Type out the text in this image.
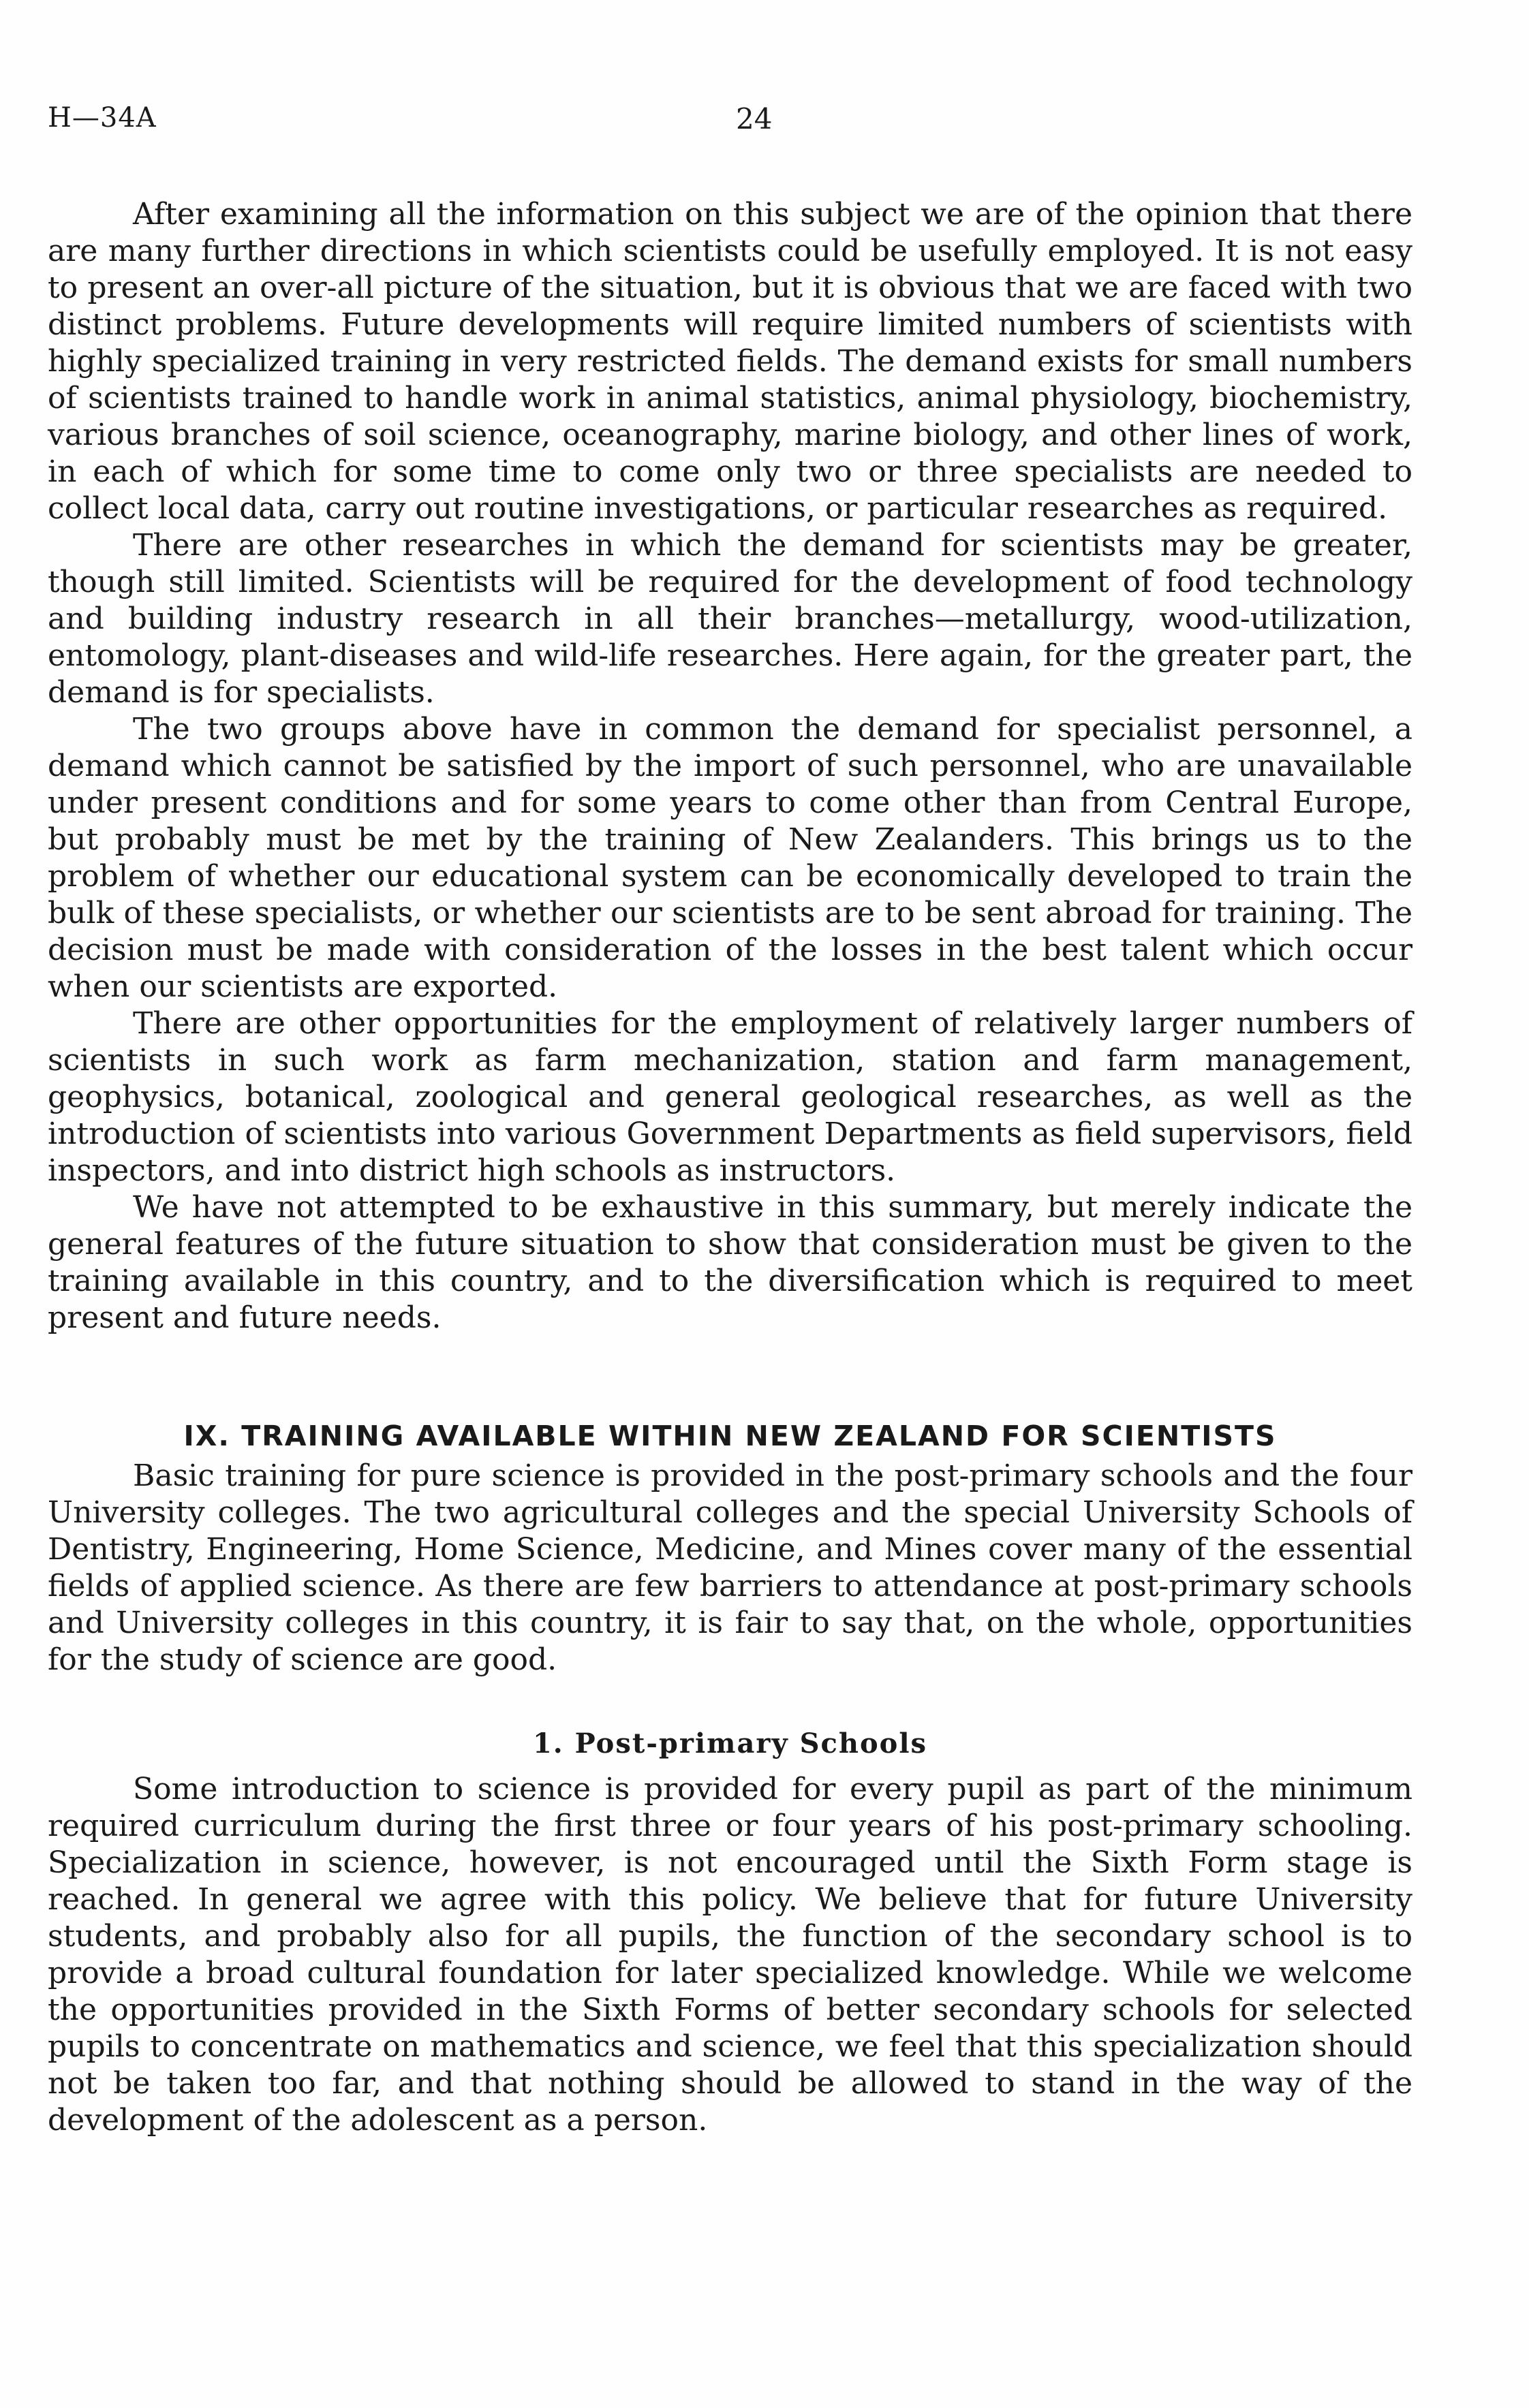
H—34A	24

After examining all the information on this subject we are of the opinion that there are many further directions in which scientists could be usefully employed. It is not easy to present an over-all picture of the situation, but it is obvious that we are faced with two distinct problems. Future developments will require limited numbers of scientists with highly specialized training in very restricted fields. The demand exists for small numbers of scientists trained to handle work in animal statistics, animal physiology, biochemistry, various branches of soil science, oceanography, marine biology, and other lines of work, in each of which for some time to come only two or three specialists are needed to collect local data, carry out routine investigations, or particular researches as required.

There are other researches in which the demand for scientists may be greater, though still limited. Scientists will be required for the development of food technology and building industry research in all their branches—metallurgy, wood-utilization, entomology, plant-diseases and wild-life researches. Here again, for the greater part, the demand is for specialists.

The two groups above have in common the demand for specialist personnel, a demand which cannot be satisfied by the import of such personnel, who are unavailable under present conditions and for some years to come other than from Central Europe, but probably must be met by the training of New Zealanders. This brings us to the problem of whether our educational system can be economically developed to train the bulk of these specialists, or whether our scientists are to be sent abroad for training. The decision must be made with consideration of the losses in the best talent which occur when our scientists are exported.

There are other opportunities for the employment of relatively larger numbers of scientists in such work as farm mechanization, station and farm management, geophysics, botanical, zoological and general geological researches, as well as the introduction of scientists into various Government Departments as field supervisors, field inspectors, and into district high schools as instructors.

We have not attempted to be exhaustive in this summary, but merely indicate the general features of the future situation to show that consideration must be given to the training available in this country, and to the diversification which is required to meet present and future needs.

IX. TRAINING AVAILABLE WITHIN NEW ZEALAND FOR SCIENTISTS

Basic training for pure science is provided in the post-primary schools and the four University colleges. The two agricultural colleges and the special University Schools of Dentistry, Engineering, Home Science, Medicine, and Mines cover many of the essential fields of applied science. As there are few barriers to attendance at post-primary schools and University colleges in this country, it is fair to say that, on the whole, opportunities for the study of science are good.

1. Post-primary Schools

Some introduction to science is provided for every pupil as part of the minimum required curriculum during the first three or four years of his post-primary schooling. Specialization in science, however, is not encouraged until the Sixth Form stage is reached. In general we agree with this policy. We believe that for future University students, and probably also for all pupils, the function of the secondary school is to provide a broad cultural foundation for later specialized knowledge. While we welcome the opportunities provided in the Sixth Forms of better secondary schools for selected pupils to concentrate on mathematics and science, we feel that this specialization should not be taken too far, and that nothing should be allowed to stand in the way of the development of the adolescent as a person.
